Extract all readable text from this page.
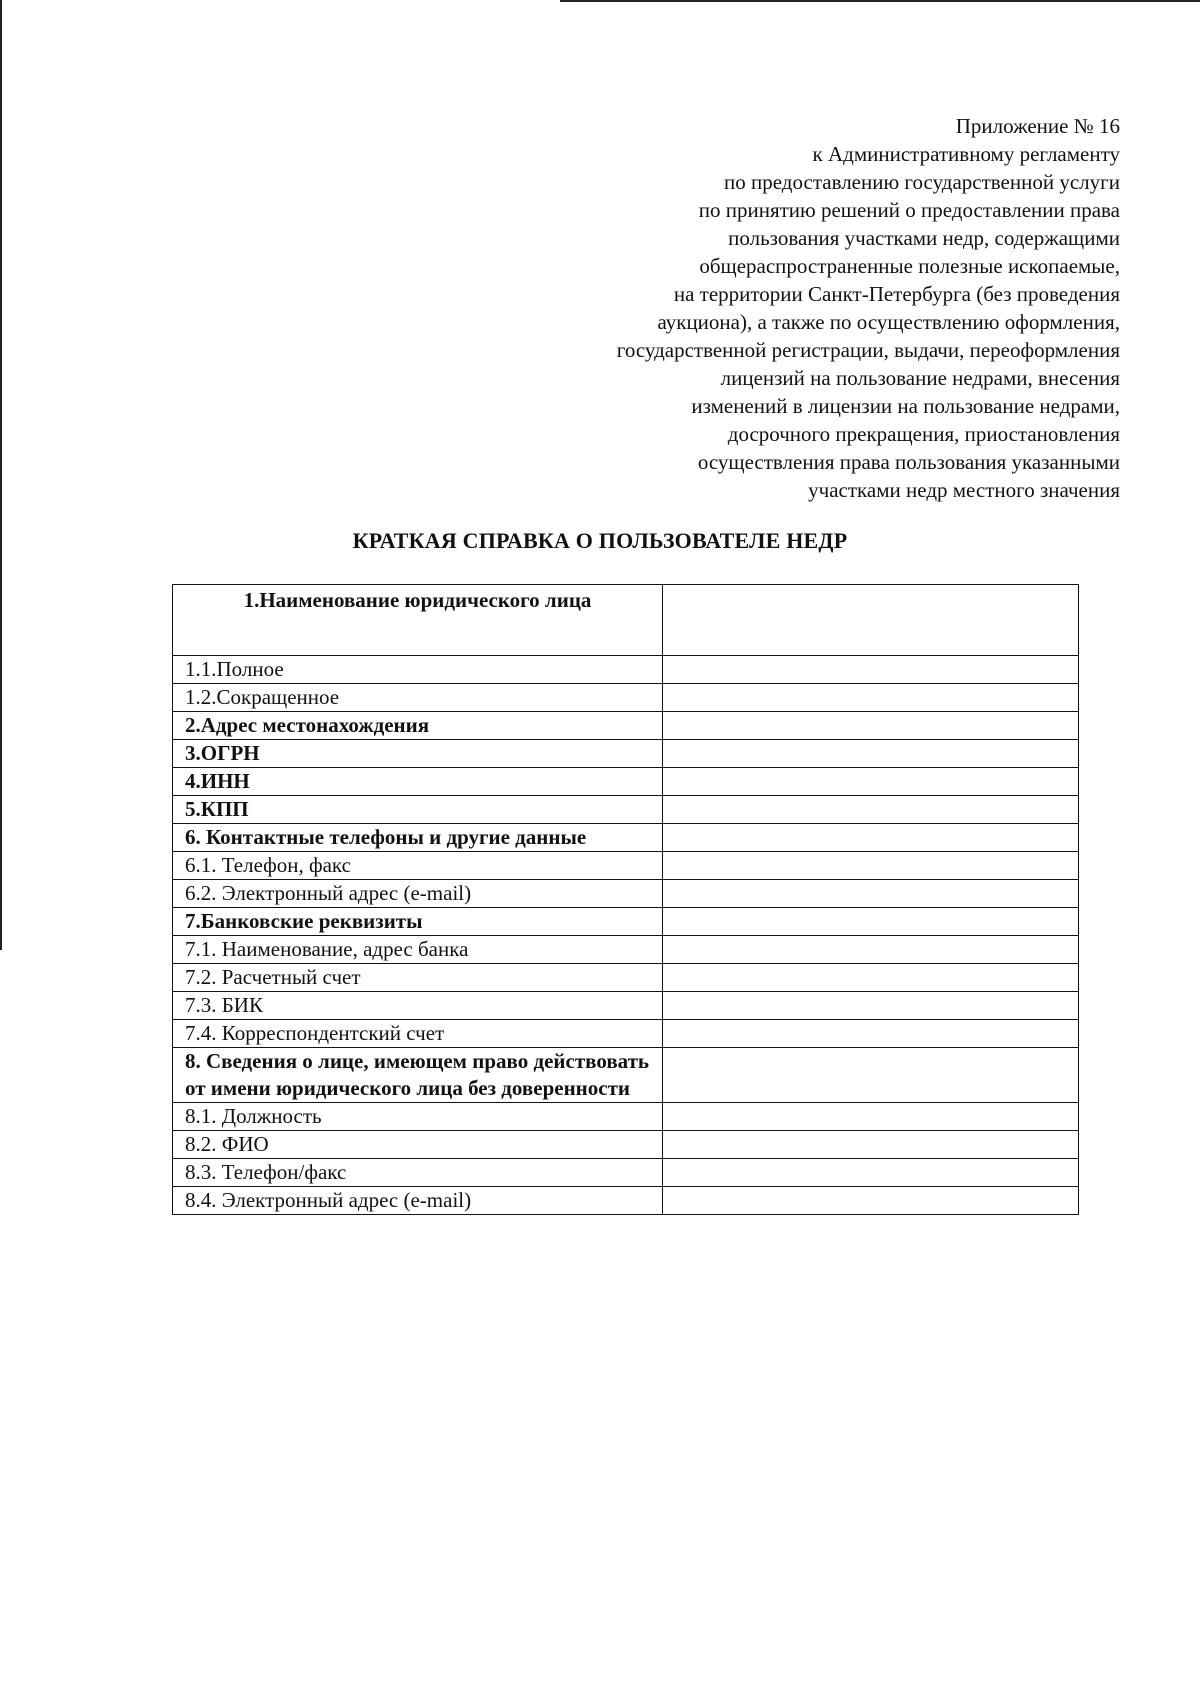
Приложение № 16
к Административному регламенту
по предоставлению государственной услуги
по принятию решений о предоставлении права
пользования участками недр, содержащими
общераспространенные полезные ископаемые,
на территории Санкт-Петербурга (без проведения
аукциона), а также по осуществлению оформления,
государственной регистрации, выдачи, переоформления
лицензий на пользование недрами, внесения
изменений в лицензии на пользование недрами,
досрочного прекращения, приостановления
осуществления права пользования указанными
участками недр местного значения
КРАТКАЯ СПРАВКА О ПОЛЬЗОВАТЕЛЕ НЕДР
1.Наименование юридического лица	
1.1.Полное	
1.2.Сокращенное	
2.Адрес местонахождения	
3.ОГРН	
4.ИНН	
5.КПП	
6. Контактные телефоны и другие данные	
6.1. Телефон, факс	
6.2. Электронный адрес (e-mail)	
7.Банковские реквизиты	
7.1. Наименование, адрес банка	
7.2. Расчетный счет	
7.3. БИК	
7.4. Корреспондентский счет	
8. Сведения о лице, имеющем право действовать от имени юридического лица без доверенности	
8.1. Должность	
8.2. ФИО	
8.3. Телефон/факс	
8.4. Электронный адрес (e-mail)	
